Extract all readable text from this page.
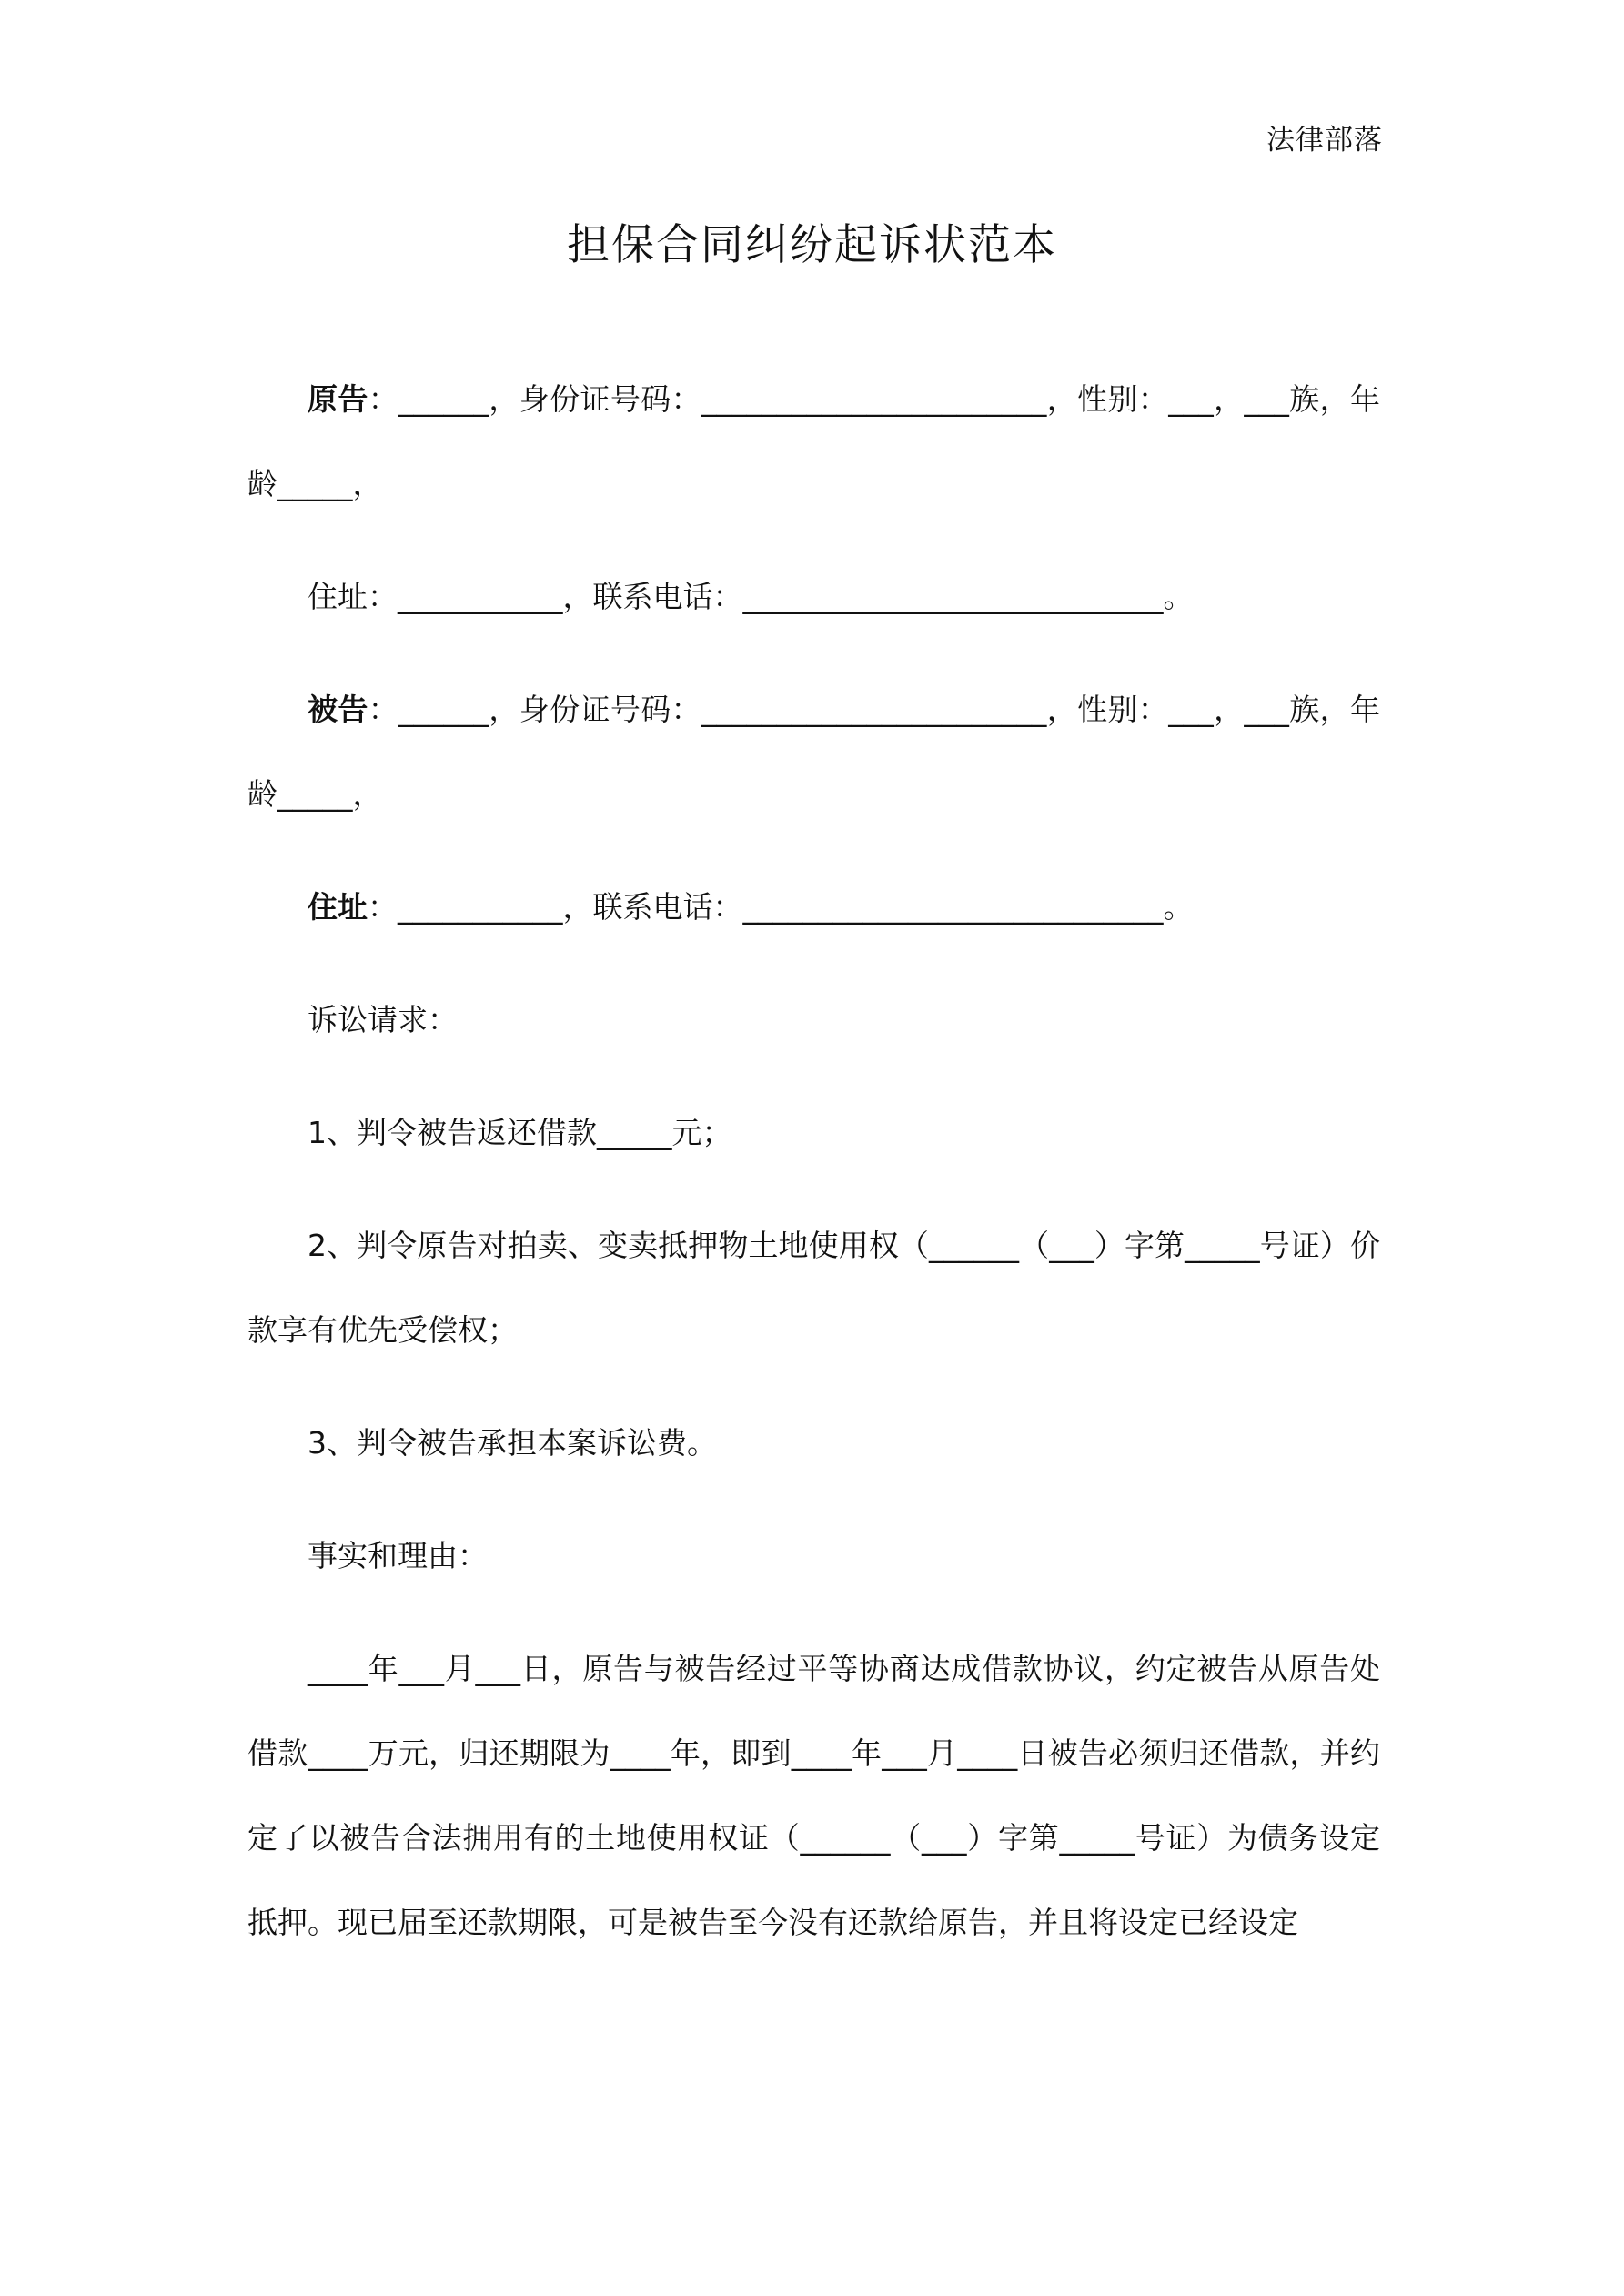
法律部落
担保合同纠纷起诉状范本

原告：______，身份证号码：_______________________，性别：___，___族，年龄_____，

住址：___________，联系电话：____________________________。

被告：______，身份证号码：_______________________，性别：___，___族，年龄_____，

住址：___________，联系电话：____________________________。

诉讼请求：

1、判令被告返还借款_____元；

2、判令原告对拍卖、变卖抵押物土地使用权（______（___）字第_____号证）价款享有优先受偿权；

3、判令被告承担本案诉讼费。

事实和理由：

____年___月___日，原告与被告经过平等协商达成借款协议，约定被告从原告处借款____万元，归还期限为____年，即到____年___月____日被告必须归还借款，并约定了以被告合法拥用有的土地使用权证（______（___）字第_____号证）为债务设定抵押。现已届至还款期限，可是被告至今没有还款给原告，并且将设定已经设定
